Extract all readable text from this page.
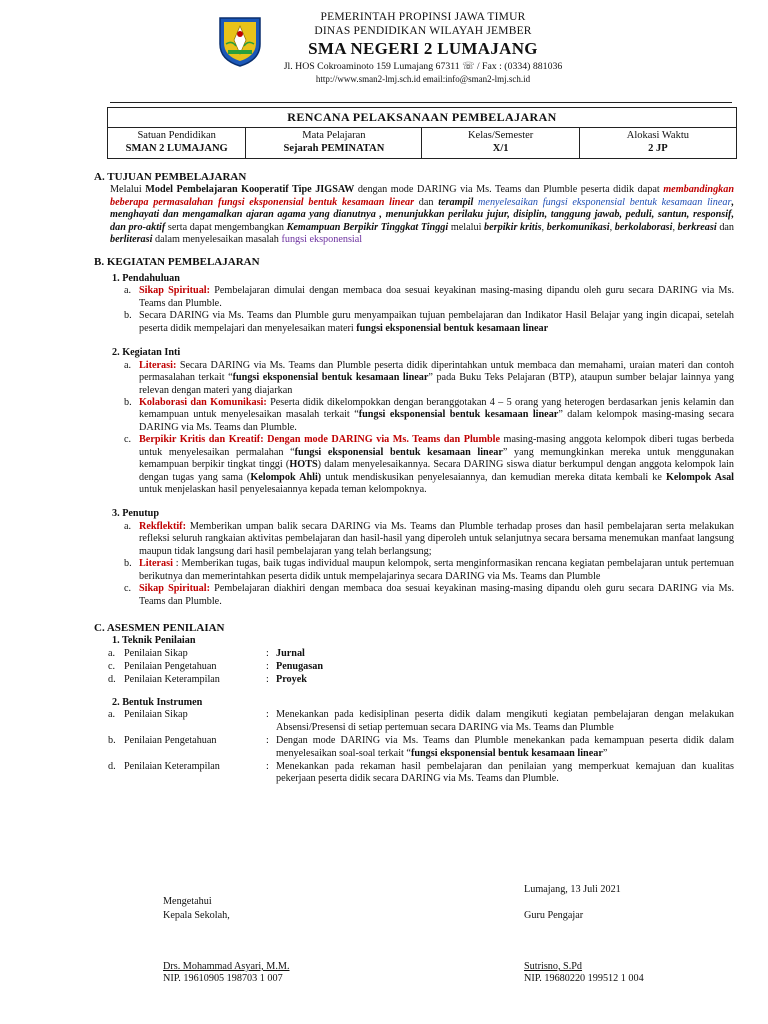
PEMERINTAH PROPINSI JAWA TIMUR
DINAS PENDIDIKAN WILAYAH JEMBER
SMA NEGERI 2 LUMAJANG
Jl. HOS Cokroaminoto 159 Lumajang 67311 ☏ / Fax : (0334) 881036
http://www.sman2-lmj.sch.id email:info@sman2-lmj.sch.id
RENCANA PELAKSANAAN PEMBELAJARAN			
Satuan Pendidikan	Mata Pelajaran	Kelas/Semester	Alokasi Waktu
SMAN 2 LUMAJANG	Sejarah PEMINATAN	X/1	2 JP
A. TUJUAN PEMBELAJARAN
Melalui Model Pembelajaran Kooperatif Tipe JIGSAW dengan mode DARING via Ms. Teams dan Plumble peserta didik dapat membandingkan beberapa permasalahan fungsi eksponensial bentuk kesamaan linear dan terampil menyelesaikan fungsi eksponensial bentuk kesamaan linear, menghayati dan mengamalkan ajaran agama yang dianutnya , menunjukkan perilaku jujur, disiplin, tanggung jawab, peduli, santun, responsif, dan pro-aktif serta dapat mengembangkan Kemampuan Berpikir Tinggkat Tinggi melalui berpikir kritis, berkomunikasi, berkolaborasi, berkreasi dan berliterasi dalam menyelesaikan masalah fungsi eksponensial
B. KEGIATAN PEMBELAJARAN
1. Pendahuluan
a. Sikap Spiritual: Pembelajaran dimulai dengan membaca doa sesuai keyakinan masing-masing dipandu oleh guru secara DARING via Ms. Teams dan Plumble.
b. Secara DARING via Ms. Teams dan Plumble guru menyampaikan tujuan pembelajaran dan Indikator Hasil Belajar yang ingin dicapai, setelah peserta didik mempelajari dan menyelesaikan materi fungsi eksponensial bentuk kesamaan linear
2. Kegiatan Inti
a. Literasi: Secara DARING via Ms. Teams dan Plumble peserta didik diperintahkan untuk membaca dan memahami, uraian materi dan contoh permasalahan terkait “fungsi eksponensial bentuk kesamaan linear” pada Buku Teks Pelajaran (BTP), ataupun sumber belajar lainnya yang relevan dengan materi yang diajarkan
b. Kolaborasi dan Komunikasi: Peserta didik dikelompokkan dengan beranggotakan 4 – 5 orang yang heterogen berdasarkan jenis kelamin dan kemampuan untuk menyelesaikan masalah terkait “fungsi eksponensial bentuk kesamaan linear” dalam kelompok masing-masing secara DARING via Ms. Teams dan Plumble.
c. Berpikir Kritis dan Kreatif: Dengan mode DARING via Ms. Teams dan Plumble masing-masing anggota kelompok diberi tugas berbeda untuk menyelesaikan permalahan “fungsi eksponensial bentuk kesamaan linear” yang memungkinkan mereka untuk menggunakan kemampuan berpikir tingkat tinggi (HOTS) dalam menyelesaikannya. Secara DARING siswa diatur berkumpul dengan anggota kelompok lain dengan tugas yang sama (Kelompok Ahli) untuk mendiskusikan penyelesaiannya, dan kemudian mereka ditata kembali ke Kelompok Asal untuk menjelaskan hasil penyelesaiannya kepada teman kelompoknya.
3. Penutup
a. Rekflektif: Memberikan umpan balik secara DARING via Ms. Teams dan Plumble terhadap proses dan hasil pembelajaran serta melakukan refleksi seluruh rangkaian aktivitas pembelajaran dan hasil-hasil yang diperoleh untuk selanjutnya secara bersama menemukan manfaat langsung maupun tidak langsung dari hasil pembelajaran yang telah berlangsung;
b. Literasi : Memberikan tugas, baik tugas individual maupun kelompok, serta menginformasikan rencana kegiatan pembelajaran untuk pertemuan berikutnya dan memerintahkan peserta didik untuk mempelajarinya secara DARING via Ms. Teams dan Plumble
c. Sikap Spiritual: Pembelajaran diakhiri dengan membaca doa sesuai keyakinan masing-masing dipandu oleh guru secara DARING via Ms. Teams dan Plumble.
C. ASESMEN PENILAIAN
1. Teknik Penilaian
a. Penilaian Sikap	: Jurnal
c. Penilaian Pengetahuan	: Penugasan
d. Penilaian Keterampilan	: Proyek
2. Bentuk Instrumen
a. Penilaian Sikap	: Menekankan pada kedisiplinan peserta didik dalam mengikuti kegiatan pembelajaran dengan melakukan Absensi/Presensi di setiap pertemuan secara DARING via Ms. Teams dan Plumble
b. Penilaian Pengetahuan	: Dengan mode DARING via Ms. Teams dan Plumble menekankan pada kemampuan peserta didik dalam menyelesaikan soal-soal terkait “fungsi eksponensial bentuk kesamaan linear”
d. Penilaian Keterampilan	: Menekankan pada rekaman hasil pembelajaran dan penilaian yang memperkuat kemajuan dan kualitas pekerjaan peserta didik secara DARING via Ms. Teams dan Plumble.
Lumajang, 13 Juli 2021
Mengetahui
Kepala Sekolah,	Guru Pengajar
Drs. Mohammad Asyari, M.M.
NIP. 19610905 198703 1 007
Sutrisno, S.Pd
NIP. 19680220 199512 1 004
